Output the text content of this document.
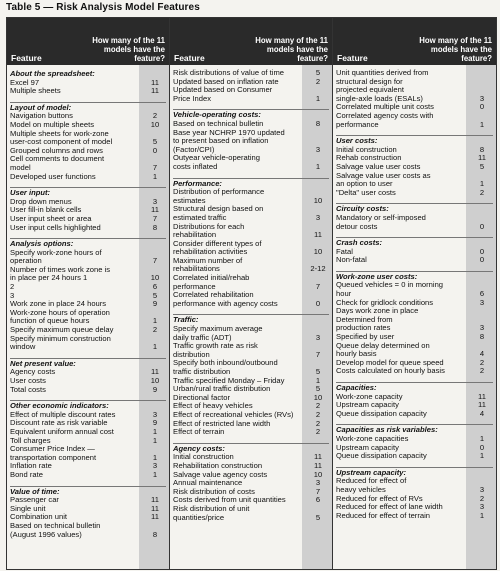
Table 5 — Risk Analysis Model Features
Feature
How many of the 11 models have the feature?
About the spreadsheet:
Excel 97	11
Multiple sheets	11
Layout of model:
Navigation buttons	2
Model on multiple sheets	10
Multiple sheets for work-zone
user-cost component of model	5
Grouped columns and rows	0
Cell comments to document
model	7
Developed user functions	1
User input:
Drop down menus	3
User fill-in blank cells	11
User input sheet or area	7
User input cells highlighted	8
Analysis options:
Specify work-zone hours of
operation	7
Number of times work zone is
in place per 24 hours 1	10
2	6
3	5
Work zone in place 24 hours	9
Work-zone hours of operation
function of queue hours	1
Specify maximum queue delay	2
Specify minimum construction
window	1
Net present value:
Agency costs	11
User costs	10
Total costs	9
Other economic indicators:
Effect of multiple discount rates	3
Discount rate as risk variable	9
Equivalent uniform annual cost	1
Toll charges	1
Consumer Price Index —
transportation component	1
Inflation rate	3
Bond rate	1
Value of time:
Passenger car	11
Single unit	11
Combination unit	11
Based on technical bulletin
(August 1996 values)	8
Feature
How many of the 11 models have the feature?
Risk distributions of value of time	5
Updated based on inflation rate	2
Updated based on Consumer
Price Index	1
Vehicle-operating costs:
Based on technical bulletin	8
Base year NCHRP 1970 updated
to present based on inflation
(Factor/CPI)	3
Outyear vehicle-operating
costs inflated	1
Performance:
Distribution of performance
estimates	10
Structural design based on
estimated traffic	3
Distributions for each
rehabilitation	11
Consider different types of
rehabilitation activities	10
Maximum number of
rehabilitations	2-12
Correlated initial/rehab
performance	7
Correlated rehabilitation
performance with agency costs	0
Traffic:
Specify maximum average
daily traffic (ADT)	3
Traffic growth rate as risk
distribution	7
Specify both inbound/outbound
traffic distribution	5
Traffic specified Monday – Friday	1
Urban/rural traffic distribution	5
Directional factor	10
Effect of heavy vehicles	2
Effect of recreational vehicles (RVs)	2
Effect of restricted lane width	2
Effect of terrain	2
Agency costs:
Initial construction	11
Rehabilitation construction	11
Salvage value agency costs	10
Annual maintenance	3
Risk distribution of costs	7
Costs derived from unit quantities	6
Risk distribution of unit
quantities/price	5
Feature
How many of the 11 models have the feature?
Unit quantities derived from
structural design for
projected equivalent
single-axle loads (ESALs)	3
Correlated multiple unit costs	0
Correlated agency costs with
performance	1
User costs:
Initial construction	8
Rehab construction	11
Salvage value user costs	5
Salvage value user costs as
an option to user	1
"Delta" user costs	2
Circuity costs:
Mandatory or self-imposed
detour costs	0
Crash costs:
Fatal	0
Non-fatal	0
Work-zone user costs:
Queued vehicles = 0 in morning
hour	6
Check for gridlock conditions	3
Days work zone in place
Determined from
production rates	3
Specified by user	8
Queue delay determined on
hourly basis	4
Develop model for queue speed	2
Costs calculated on hourly basis	2
Capacities:
Work-zone capacity	11
Upstream capacity	11
Queue dissipation capacity	4
Capacities as risk variables:
Work-zone capacities	1
Upstream capacity	0
Queue dissipation capacity	1
Upstream capacity:
Reduced for effect of
heavy vehicles	3
Reduced for effect of RVs	2
Reduced for effect of lane width	3
Reduced for effect of terrain	1
